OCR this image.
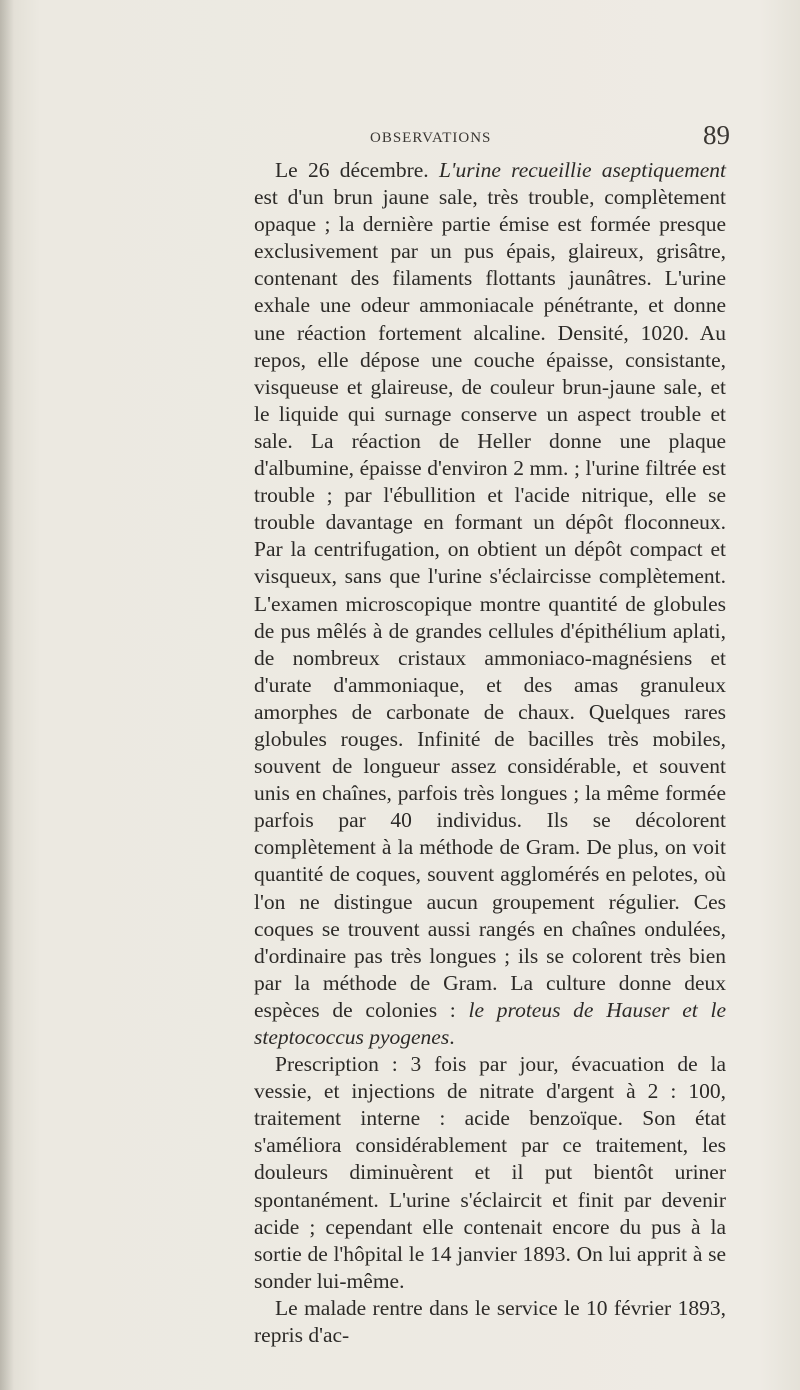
OBSERVATIONS	89

Le 26 décembre. L'urine recueillie aseptiquement est d'un brun jaune sale, très trouble, complètement opaque ; la dernière partie émise est formée presque exclusivement par un pus épais, glaireux, grisâtre, contenant des filaments flottants jaunâtres. L'urine exhale une odeur ammoniacale pénétrante, et donne une réaction fortement alcaline. Densité, 1020. Au repos, elle dépose une couche épaisse, consistante, visqueuse et glaireuse, de couleur brun-jaune sale, et le liquide qui surnage conserve un aspect trouble et sale. La réaction de Heller donne une plaque d'albumine, épaisse d'environ 2 mm. ; l'urine filtrée est trouble ; par l'ébullition et l'acide nitrique, elle se trouble davantage en formant un dépôt floconneux. Par la centrifugation, on obtient un dépôt compact et visqueux, sans que l'urine s'éclaircisse complètement. L'examen microscopique montre quantité de globules de pus mêlés à de grandes cellules d'épithélium aplati, de nombreux cristaux ammoniaco-magnésiens et d'urate d'ammoniaque, et des amas granuleux amorphes de carbonate de chaux. Quelques rares globules rouges. Infinité de bacilles très mobiles, souvent de longueur assez considérable, et souvent unis en chaînes, parfois très longues ; la même formée parfois par 40 individus. Ils se décolorent complètement à la méthode de Gram. De plus, on voit quantité de coques, souvent agglomérés en pelotes, où l'on ne distingue aucun groupement régulier. Ces coques se trouvent aussi rangés en chaînes ondulées, d'ordinaire pas très longues ; ils se colorent très bien par la méthode de Gram. La culture donne deux espèces de colonies : le proteus de Hauser et le steptococcus pyogenes.

Prescription : 3 fois par jour, évacuation de la vessie, et injections de nitrate d'argent à 2 : 100, traitement interne : acide benzoïque. Son état s'améliora considérablement par ce traitement, les douleurs diminuèrent et il put bientôt uriner spontanément. L'urine s'éclaircit et finit par devenir acide ; cependant elle contenait encore du pus à la sortie de l'hôpital le 14 janvier 1893. On lui apprit à se sonder lui-même.

Le malade rentre dans le service le 10 février 1893, repris d'ac-
